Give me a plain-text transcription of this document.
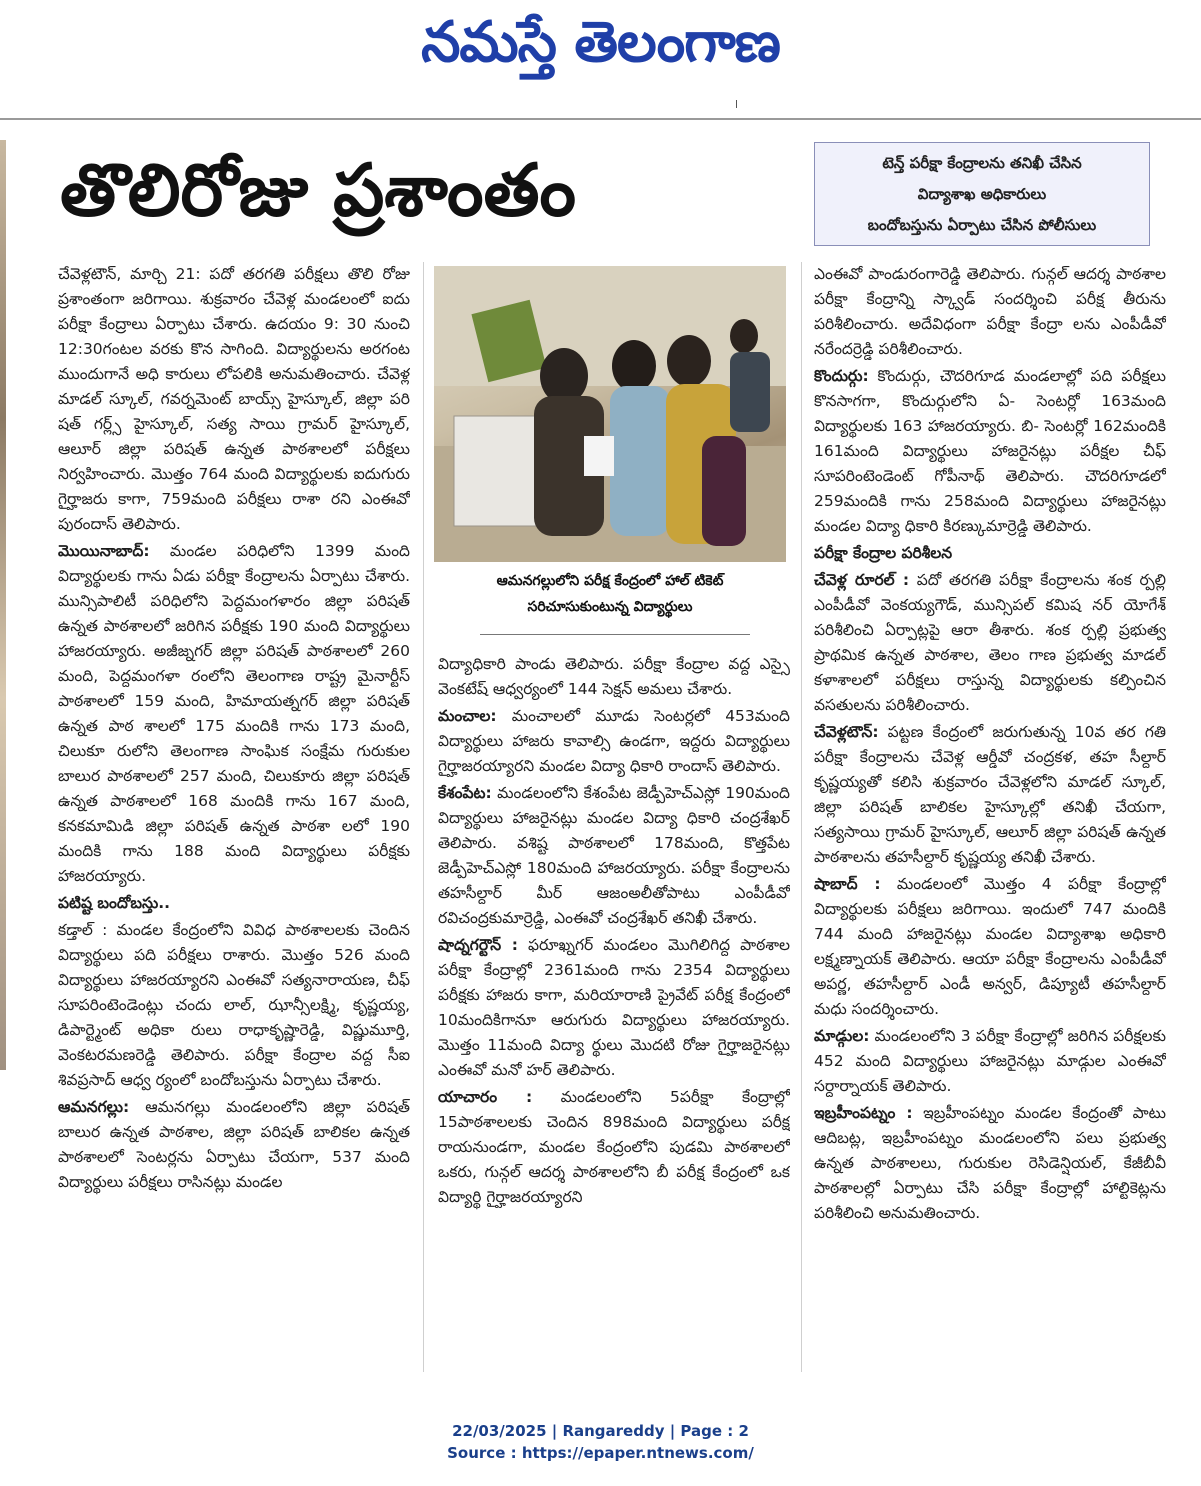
నమస్తే తెలంగాణ
తొలిరోజు ప్రశాంతం	టెన్త్ పరీక్షా కేంద్రాలను తనిఖీ చేసిన
విద్యాశాఖ అధికారులు
బందోబస్తును ఏర్పాటు చేసిన పోలీసులు

చేవెళ్లటౌన్, మార్చి 21: పదో తరగతి పరీక్షలు తొలి రోజు ప్రశాంతంగా జరిగాయి. శుక్రవారం చేవెళ్ల మండలంలో ఐదు పరీక్షా కేంద్రాలు ఏర్పాటు చేశారు. ఉదయం 9: 30 నుంచి 12:30గంటల వరకు కొన సాగింది. విద్యార్థులను అరగంట ముందుగానే అధి కారులు లోపలికి అనుమతించారు. చేవెళ్ల మాడల్ స్కూల్, గవర్నమెంట్ బాయ్స్ హైస్కూల్, జిల్లా పరి షత్ గర్ల్స్ హైస్కూల్, సత్య సాయి గ్రామర్ హైస్కూల్, ఆలూర్ జిల్లా పరిషత్ ఉన్నత పాఠశాలలో పరీక్షలు నిర్వహించారు. మొత్తం 764 మంది విద్యార్థులకు ఐదుగురు గైర్హాజరు కాగా, 759మంది పరీక్షలు రాశా రని ఎంఈవో పురందాస్ తెలిపారు.

మొయినాబాద్: మండల పరిధిలోని 1399 మంది విద్యార్థులకు గాను ఏడు పరీక్షా కేంద్రాలను ఏర్పాటు చేశారు. మున్సిపాలిటీ పరిధిలోని పెద్దమంగళారం జిల్లా పరిషత్ ఉన్నత పాఠశాలలో జరిగిన పరీక్షకు 190 మంది విద్యార్థులు హాజరయ్యారు. అజీజ్నగర్ జిల్లా పరిషత్ పాఠశాలలో 260 మంది, పెద్దమంగళా రంలోని తెలంగాణ రాష్ట్ర మైనార్టీస్ పాఠశాలలో 159 మంది, హిమాయత్నగర్ జిల్లా పరిషత్ ఉన్నత పాఠ శాలలో 175 మందికి గాను 173 మంది, చిలుకూ రులోని తెలంగాణ సాంఘిక సంక్షేమ గురుకుల బాలుర పాఠశాలలో 257 మంది, చిలుకూరు జిల్లా పరిషత్ ఉన్నత పాఠశాలలో 168 మందికి గాను 167 మంది, కనకమామిడి జిల్లా పరిషత్ ఉన్నత పాఠశా లలో 190 మందికి గాను 188 మంది విద్యార్థులు పరీక్షకు హాజరయ్యారు.

పటిష్ట బందోబస్తు..

కడ్తాల్ : మండల కేంద్రంలోని వివిధ పాఠశాలలకు చెందిన విద్యార్థులు పది పరీక్షలు రాశారు. మొత్తం 526 మంది విద్యార్థులు హాజరయ్యారని ఎంఈవో సత్యనారాయణ, చీఫ్ సూపరింటెండెంట్లు చందు లాల్, ఝాన్సీలక్ష్మి, కృష్ణయ్య, డిపార్ట్మెంట్ అధికా రులు రాధాకృష్ణారెడ్డి, విష్ణుమూర్తి, వెంకటరమణరెడ్డి తెలిపారు. పరీక్షా కేంద్రాల వద్ద సీఐ శివప్రసాద్ ఆధ్వ ర్యంలో బందోబస్తును ఏర్పాటు చేశారు.

ఆమనగల్లు: ఆమనగల్లు మండలంలోని జిల్లా పరిషత్ బాలుర ఉన్నత పాఠశాల, జిల్లా పరిషత్ బాలికల ఉన్నత పాఠశాలలో సెంటర్లను ఏర్పాటు చేయగా, 537 మంది విద్యార్థులు పరీక్షలు రాసినట్లు మండల

ఆమనగల్లులోని పరీక్ష కేంద్రంలో హాల్ టికెట్
సరిచూసుకుంటున్న విద్యార్థులు

విద్యాధికారి పాండు తెలిపారు. పరీక్షా కేంద్రాల వద్ద ఎస్సై వెంకటేష్ ఆధ్వర్యంలో 144 సెక్షన్ అమలు చేశారు.

మంచాల: మంచాలలో మూడు సెంటర్లలో 453మంది విద్యార్థులు హాజరు కావాల్సి ఉండగా, ఇద్దరు విద్యార్థులు గైర్హాజరయ్యారని మండల విద్యా ధికారి రాందాస్ తెలిపారు.

కేశంపేట: మండలంలోని కేశంపేట జెడ్పీహెచ్ఎస్లో 190మంది విద్యార్థులు హాజరైనట్లు మండల విద్యా ధికారి చంద్రశేఖర్ తెలిపారు. వశిష్ట పాఠశాలలో 178మంది, కొత్తపేట జెడ్పీహెచ్ఎస్లో 180మంది హాజరయ్యారు. పరీక్షా కేంద్రాలను తహసీల్దార్ మీర్ ఆజంఅలీతోపాటు ఎంపీడీవో రవిచంద్రకుమార్రెడ్డి, ఎంఈవో చంద్రశేఖర్ తనిఖీ చేశారు.

షాద్నగర్టౌన్ : ఫరూఖ్నగర్ మండలం మొగిలిగిద్ద పాఠశాల పరీక్షా కేంద్రాల్లో 2361మంది గాను 2354 విద్యార్థులు పరీక్షకు హాజరు కాగా, మరియారాణి ప్రైవేట్ పరీక్ష కేంద్రంలో 10మందికిగానూ ఆరుగురు విద్యార్థులు హాజరయ్యారు. మొత్తం 11మంది విద్యా ర్థులు మొదటి రోజు గైర్హాజరైనట్లు ఎంఈవో మనో హర్ తెలిపారు.

యాచారం : మండలంలోని 5పరీక్షా కేంద్రాల్లో 15పాఠశాలలకు చెందిన 898మంది విద్యార్థులు పరీక్ష రాయనుండగా, మండల కేంద్రంలోని పుడమి పాఠశాలలో ఒకరు, గున్గల్ ఆదర్శ పాఠశాలలోని బీ పరీక్ష కేంద్రంలో ఒక విద్యార్థి గైర్హాజరయ్యారని

ఎంఈవో పాండురంగారెడ్డి తెలిపారు. గున్గల్ ఆదర్శ పాఠశాల పరీక్షా కేంద్రాన్ని స్క్వాడ్ సందర్శించి పరీక్ష తీరును పరిశీలించారు. అదేవిధంగా పరీక్షా కేంద్రా లను ఎంపీడీవో నరేందర్రెడ్డి పరిశీలించారు.

కొందుర్గు: కొందుర్గు, చౌదరిగూడ మండలాల్లో పది పరీక్షలు కొనసాగగా, కొందుర్గులోని ఏ- సెంటర్లో 163మంది విద్యార్థులకు 163 హాజరయ్యారు. బి- సెంటర్లో 162మందికి 161మంది విద్యార్థులు హాజరైనట్లు పరీక్షల చీఫ్ సూపరింటెండెంట్ గోపీనాథ్ తెలిపారు. చౌదరిగూడలో 259మందికి గాను 258మంది విద్యార్థులు హాజరైనట్లు మండల విద్యా ధికారి కిరణ్కుమార్రెడ్డి తెలిపారు.

పరీక్షా కేంద్రాల పరిశీలన

చేవెళ్ల రూరల్ : పదో తరగతి పరీక్షా కేంద్రాలను శంక ర్పల్లి ఎంపీడీవో వెంకయ్యగౌడ్, మున్సిపల్ కమిష నర్ యోగేశ్ పరిశీలించి ఏర్పాట్లపై ఆరా తీశారు. శంక ర్పల్లి ప్రభుత్వ ప్రాథమిక ఉన్నత పాఠశాల, తెలం గాణ ప్రభుత్వ మాడల్ కళాశాలలో పరీక్షలు రాస్తున్న విద్యార్థులకు కల్పించిన వసతులను పరిశీలించారు.

చేవెళ్లటౌన్: పట్టణ కేంద్రంలో జరుగుతున్న 10వ తర గతి పరీక్షా కేంద్రాలను చేవెళ్ల ఆర్డీవో చంద్రకళ, తహ సీల్దార్ కృష్ణయ్యతో కలిసి శుక్రవారం చేవెళ్లలోని మాడల్ స్కూల్, జిల్లా పరిషత్ బాలికల హైస్కూల్లో తనిఖీ చేయగా, సత్యసాయి గ్రామర్ హైస్కూల్, ఆలూర్ జిల్లా పరిషత్ ఉన్నత పాఠశాలను తహసీల్దార్ కృష్ణయ్య తనిఖీ చేశారు.

షాబాద్ : మండలంలో మొత్తం 4 పరీక్షా కేంద్రాల్లో విద్యార్థులకు పరీక్షలు జరిగాయి. ఇందులో 747 మందికి 744 మంది హాజరైనట్లు మండల విద్యాశాఖ అధికారి లక్ష్మణ్నాయక్ తెలిపారు. ఆయా పరీక్షా కేంద్రాలను ఎంపీడీవో అపర్ణ, తహసీల్దార్ ఎండీ అన్వర్, డిప్యూటీ తహసీల్దార్ మధు సందర్శించారు.

మాడ్గుల: మండలంలోని 3 పరీక్షా కేంద్రాల్లో జరిగిన పరీక్షలకు 452 మంది విద్యార్థులు హాజరైనట్లు మాడ్గుల ఎంఈవో సర్దార్నాయక్ తెలిపారు.

ఇబ్రహీంపట్నం : ఇబ్రహీంపట్నం మండల కేంద్రంతో పాటు ఆదిబట్ల, ఇబ్రహీంపట్నం మండలంలోని పలు ప్రభుత్వ ఉన్నత పాఠశాలలు, గురుకుల రెసిడెన్షియల్, కేజీబీవీ పాఠశాలల్లో ఏర్పాటు చేసి పరీక్షా కేంద్రాల్లో హాల్టికెట్లను పరిశీలించి అనుమతించారు.

22/03/2025 | Rangareddy | Page : 2
Source : https://epaper.ntnews.com/
